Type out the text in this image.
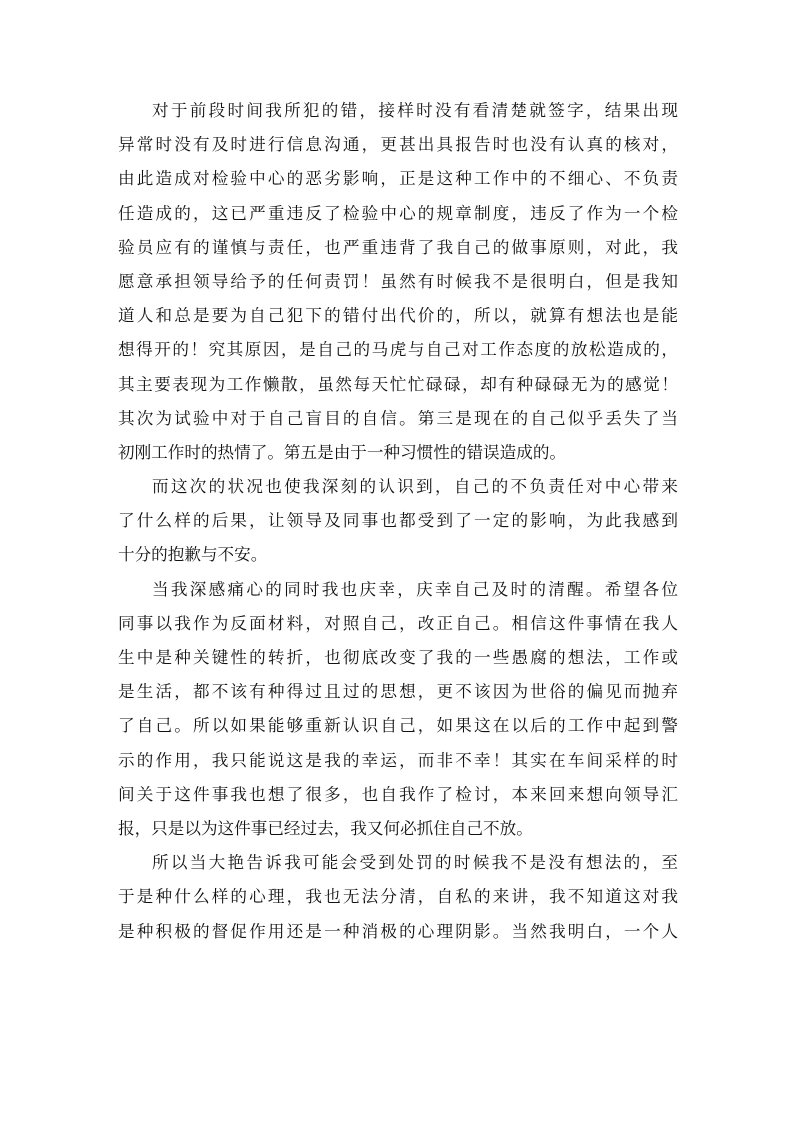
对于前段时间我所犯的错，接样时没有看清楚就签字，结果出现
异常时没有及时进行信息沟通，更甚出具报告时也没有认真的核对，
由此造成对检验中心的恶劣影响，正是这种工作中的不细心、不负责
任造成的，这已严重违反了检验中心的规章制度，违反了作为一个检
验员应有的谨慎与责任，也严重违背了我自己的做事原则，对此，我
愿意承担领导给予的任何责罚！虽然有时候我不是很明白，但是我知
道人和总是要为自己犯下的错付出代价的，所以，就算有想法也是能
想得开的！究其原因，是自己的马虎与自己对工作态度的放松造成的，
其主要表现为工作懒散，虽然每天忙忙碌碌，却有种碌碌无为的感觉！
其次为试验中对于自己盲目的自信。第三是现在的自己似乎丢失了当
初刚工作时的热情了。第五是由于一种习惯性的错误造成的。
而这次的状况也使我深刻的认识到，自己的不负责任对中心带来
了什么样的后果，让领导及同事也都受到了一定的影响，为此我感到
十分的抱歉与不安。
当我深感痛心的同时我也庆幸，庆幸自己及时的清醒。希望各位
同事以我作为反面材料，对照自己，改正自己。相信这件事情在我人
生中是种关键性的转折，也彻底改变了我的一些愚腐的想法，工作或
是生活，都不该有种得过且过的思想，更不该因为世俗的偏见而抛弃
了自己。所以如果能够重新认识自己，如果这在以后的工作中起到警
示的作用，我只能说这是我的幸运，而非不幸！其实在车间采样的时
间关于这件事我也想了很多，也自我作了检讨，本来回来想向领导汇
报，只是以为这件事已经过去，我又何必抓住自己不放。
所以当大艳告诉我可能会受到处罚的时候我不是没有想法的，至
于是种什么样的心理，我也无法分清，自私的来讲，我不知道这对我
是种积极的督促作用还是一种消极的心理阴影。当然我明白，一个人
